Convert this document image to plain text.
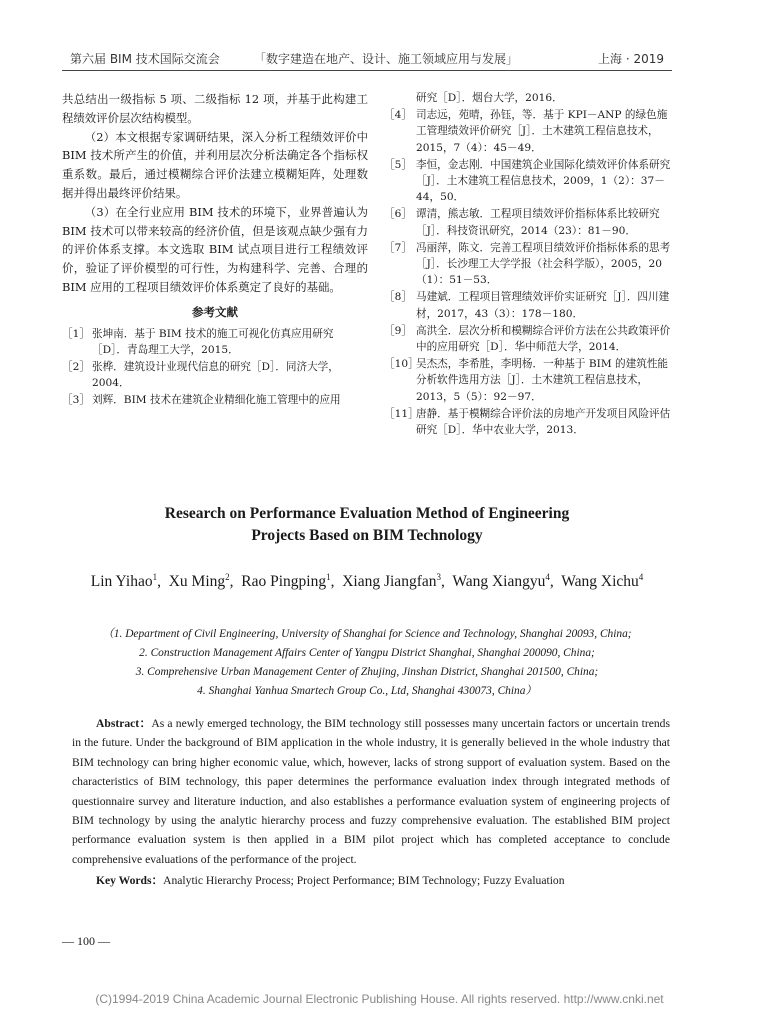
第六届 BIM 技术国际交流会	「数字建造在地产、设计、施工领域应用与发展」	上海 · 2019

共总结出一级指标 5 项、二级指标 12 项，并基于此构建工程绩效评价层次结构模型。

（2）本文根据专家调研结果，深入分析工程绩效评价中 BIM 技术所产生的价值，并利用层次分析法确定各个指标权重系数。最后，通过模糊综合评价法建立模糊矩阵，处理数据并得出最终评价结果。

（3）在全行业应用 BIM 技术的环境下，业界普遍认为 BIM 技术可以带来较高的经济价值，但是该观点缺少强有力的评价体系支撑。本文选取 BIM 试点项目进行工程绩效评价，验证了评价模型的可行性，为构建科学、完善、合理的 BIM 应用的工程项目绩效评价体系奠定了良好的基础。

参考文献
［1］ 张坤南．基于 BIM 技术的施工可视化仿真应用研究［D］．青岛理工大学，2015．
［2］ 张桦．建筑设计业现代信息的研究［D］．同济大学，2004．
［3］ 刘辉．BIM 技术在建筑企业精细化施工管理中的应用
研究［D］．烟台大学，2016．
［4］ 司志远，苑晴，孙钰，等．基于 KPI－ANP 的绿色施工管理绩效评价研究［J］．土木建筑工程信息技术，2015，7（4）：45－49．
［5］ 李恒，金志刚．中国建筑企业国际化绩效评价体系研究［J］．土木建筑工程信息技术，2009，1（2）：37－44，50．
［6］ 谭清，熊志敏．工程项目绩效评价指标体系比较研究［J］．科技资讯研究，2014（23）：81－90．
［7］ 冯丽萍，陈文．完善工程项目绩效评价指标体系的思考［J］．长沙理工大学学报（社会科学版），2005，20（1）：51－53．
［8］ 马建斌．工程项目管理绩效评价实证研究［J］．四川建材，2017，43（3）：178－180．
［9］ 高洪全．层次分析和模糊综合评价方法在公共政策评价中的应用研究［D］．华中师范大学，2014．
［10］
吴杰杰，李希胜，李明杨．一种基于 BIM 的建筑性能分析软件选用方法［J］．土木建筑工程信息技术，2013，5（5）：92－97．
［11］
唐静．基于模糊综合评价法的房地产开发项目风险评估研究［D］．华中农业大学，2013．
Research on Performance Evaluation Method of Engineering
Projects Based on BIM Technology
Lin Yihao$^1$,  Xu Ming$^2$,  Rao Pingping$^1$,  Xiang Jiangfan$^3$,  Wang Xiangyu$^4$,  Wang Xichu$^4$
（1. Department of Civil Engineering, University of Shanghai for Science and Technology, Shanghai 20093, China;
2. Construction Management Affairs Center of Yangpu District Shanghai, Shanghai 200090, China;
3. Comprehensive Urban Management Center of Zhujing, Jinshan District, Shanghai 201500, China;
4. Shanghai Yanhua Smartech Group Co., Ltd, Shanghai 430073, China）

Abstract：As a newly emerged technology, the BIM technology still possesses many uncertain factors or uncertain trends in the future. Under the background of BIM application in the whole industry, it is generally believed in the whole industry that BIM technology can bring higher economic value, which, however, lacks of strong support of evaluation system. Based on the characteristics of BIM technology, this paper determines the performance evaluation index through integrated methods of questionnaire survey and literature induction, and also establishes a performance evaluation system of engineering projects of BIM technology by using the analytic hierarchy process and fuzzy comprehensive evaluation. The established BIM project performance evaluation system is then applied in a BIM pilot project which has completed acceptance to conclude comprehensive evaluations of the performance of the project.

Key Words：Analytic Hierarchy Process; Project Performance; BIM Technology; Fuzzy Evaluation

— 100 —
(C)1994-2019 China Academic Journal Electronic Publishing House. All rights reserved. http://www.cnki.net
